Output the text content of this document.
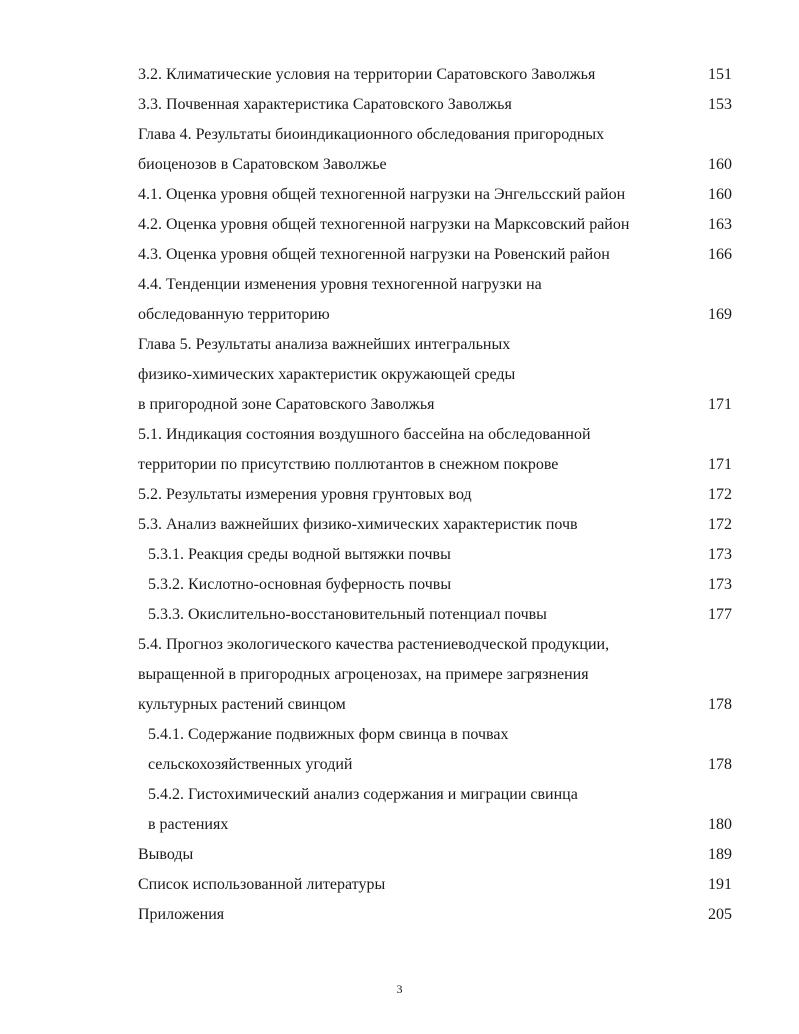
3.2. Климатические условия на территории Саратовского Заволжья	151
3.3. Почвенная характеристика Саратовского Заволжья	153
Глава 4. Результаты биоиндикационного обследования пригородных
биоценозов в Саратовском Заволжье	160
4.1. Оценка уровня общей техногенной нагрузки на Энгельсский район	160
4.2. Оценка уровня общей техногенной нагрузки на Марксовский район	163
4.3. Оценка уровня общей техногенной нагрузки на Ровенский район	166
4.4. Тенденции изменения уровня техногенной нагрузки на
обследованную территорию	169
Глава 5. Результаты анализа важнейших интегральных
физико-химических характеристик окружающей среды
в пригородной зоне Саратовского Заволжья	171
5.1. Индикация состояния воздушного бассейна на обследованной
территории по присутствию поллютантов в снежном покрове	171
5.2. Результаты измерения уровня грунтовых вод	172
5.3. Анализ важнейших физико-химических характеристик почв	172
5.3.1. Реакция среды водной вытяжки почвы	173
5.3.2. Кислотно-основная буферность почвы	173
5.3.3. Окислительно-восстановительный потенциал почвы	177
5.4. Прогноз экологического качества растениеводческой продукции,
выращенной в пригородных агроценозах, на примере загрязнения
культурных растений свинцом	178
5.4.1. Содержание подвижных форм свинца в почвах
сельскохозяйственных угодий	178
5.4.2. Гистохимический анализ содержания и миграции свинца
в растениях	180
Выводы	189
Список использованной литературы	191
Приложения	205
3
